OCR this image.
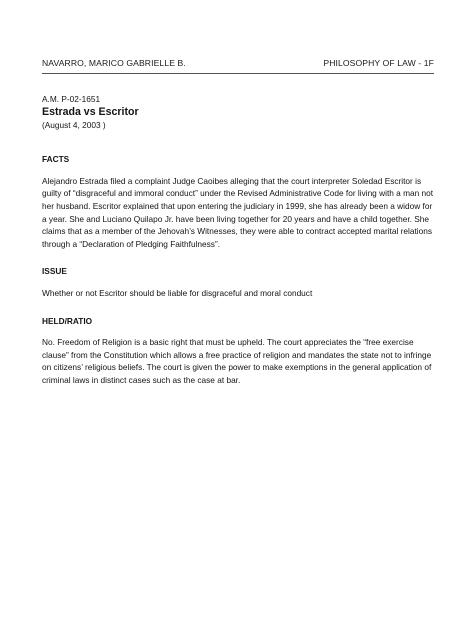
NAVARRO, MARICO GABRIELLE B.	PHILOSOPHY OF LAW - 1F

A.M. P-02-1651

Estrada vs Escritor

(August 4, 2003 )

FACTS

Alejandro Estrada filed a complaint Judge Caoibes alleging that the court interpreter Soledad Escritor is guilty of “disgraceful and immoral conduct” under the Revised Administrative Code for living with a man not her husband. Escritor explained that upon entering the judiciary in 1999, she has already been a widow for a year. She and Luciano Quilapo Jr. have been living together for 20 years and have a child together. She claims that as a member of the Jehovah’s Witnesses, they were able to contract accepted marital relations through a “Declaration of Pledging Faithfulness”.

ISSUE

Whether or not Escritor should be liable for disgraceful and moral conduct

HELD/RATIO

No. Freedom of Religion is a basic right that must be upheld. The court appreciates the “free exercise clause” from the Constitution which allows a free practice of religion and mandates the state not to infringe on citizens’ religious beliefs. The court is given the power to make exemptions in the general application of criminal laws in distinct cases such as the case at bar.
